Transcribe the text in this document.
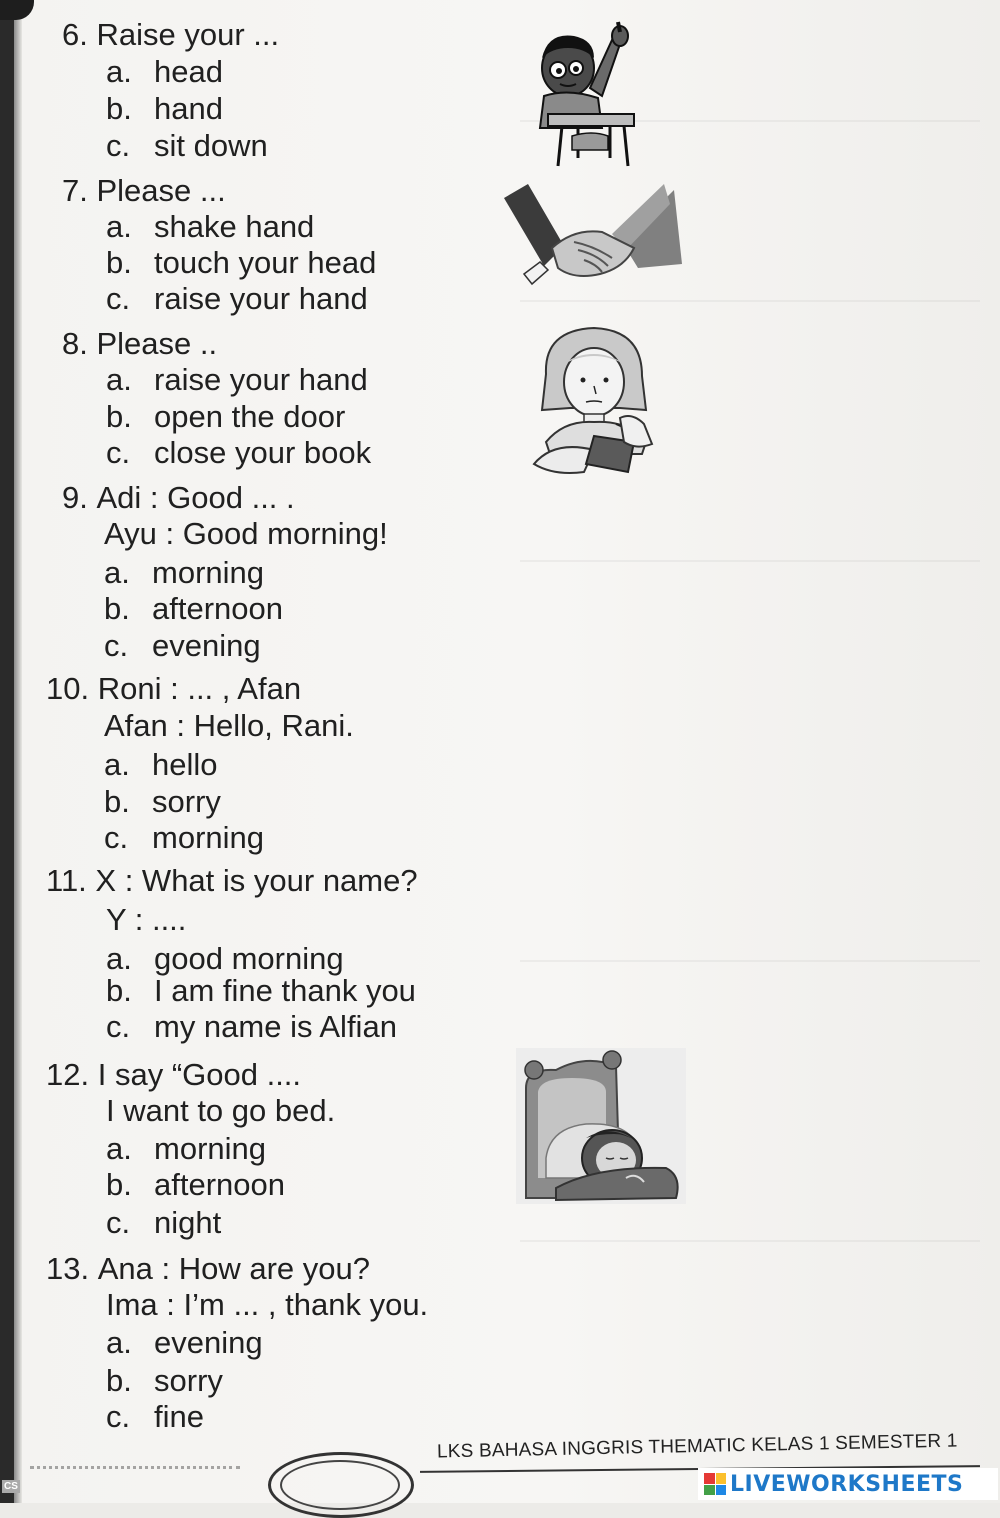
6. Raise your ...
a. head
b. hand
c. sit down
7. Please ...
a. shake hand
b. touch your head
c. raise your hand
8. Please ..
a. raise your hand
b. open the door
c. close your book
9. Adi : Good ... .
Ayu : Good morning!
a. morning
b. afternoon
c. evening
10. Roni : ... , Afan
Afan : Hello, Rani.
a. hello
b. sorry
c. morning
11. X : What is your name?
Y : ....
a. good morning
b. I am fine thank you
c. my name is Alfian
12. I say “Good ....
I want to go bed.
a. morning
b. afternoon
c. night
13. Ana : How are you?
Ima : I’m ... , thank you.
a. evening
b. sorry
c. fine
LKS BAHASA INGGRIS THEMATIC KELAS 1 SEMESTER 1
CS	LIVEWORKSHEETS
